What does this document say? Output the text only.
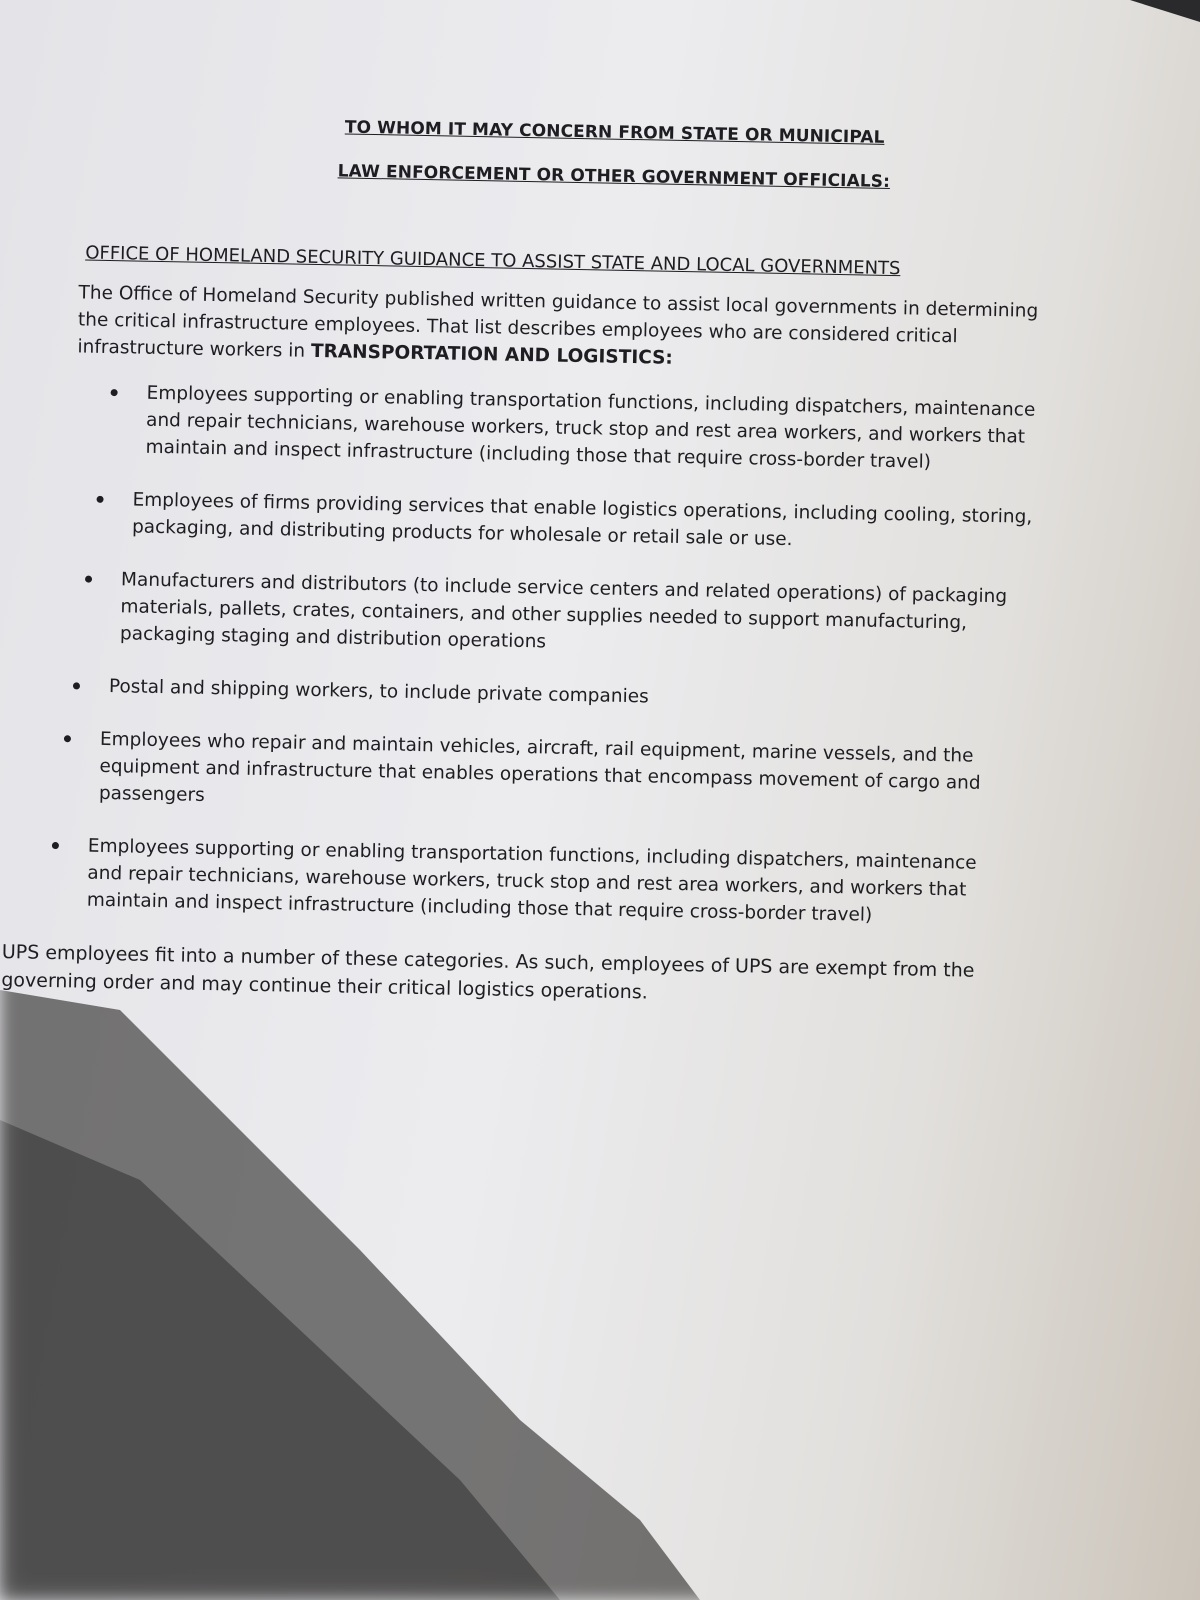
TO WHOM IT MAY CONCERN FROM STATE OR MUNICIPAL
LAW ENFORCEMENT OR OTHER GOVERNMENT OFFICIALS:
OFFICE OF HOMELAND SECURITY GUIDANCE TO ASSIST STATE AND LOCAL GOVERNMENTS

The Office of Homeland Security published written guidance to assist local governments in determining the critical infrastructure employees. That list describes employees who are considered critical infrastructure workers in TRANSPORTATION AND LOGISTICS:

Employees supporting or enabling transportation functions, including dispatchers, maintenance and repair technicians, warehouse workers, truck stop and rest area workers, and workers that maintain and inspect infrastructure (including those that require cross-border travel)
Employees of firms providing services that enable logistics operations, including cooling, storing, packaging, and distributing products for wholesale or retail sale or use.
Manufacturers and distributors (to include service centers and related operations) of packaging materials, pallets, crates, containers, and other supplies needed to support manufacturing, packaging staging and distribution operations
Postal and shipping workers, to include private companies
Employees who repair and maintain vehicles, aircraft, rail equipment, marine vessels, and the equipment and infrastructure that enables operations that encompass movement of cargo and passengers
Employees supporting or enabling transportation functions, including dispatchers, maintenance and repair technicians, warehouse workers, truck stop and rest area workers, and workers that maintain and inspect infrastructure (including those that require cross-border travel)

UPS employees fit into a number of these categories. As such, employees of UPS are exempt from the governing order and may continue their critical logistics operations.
